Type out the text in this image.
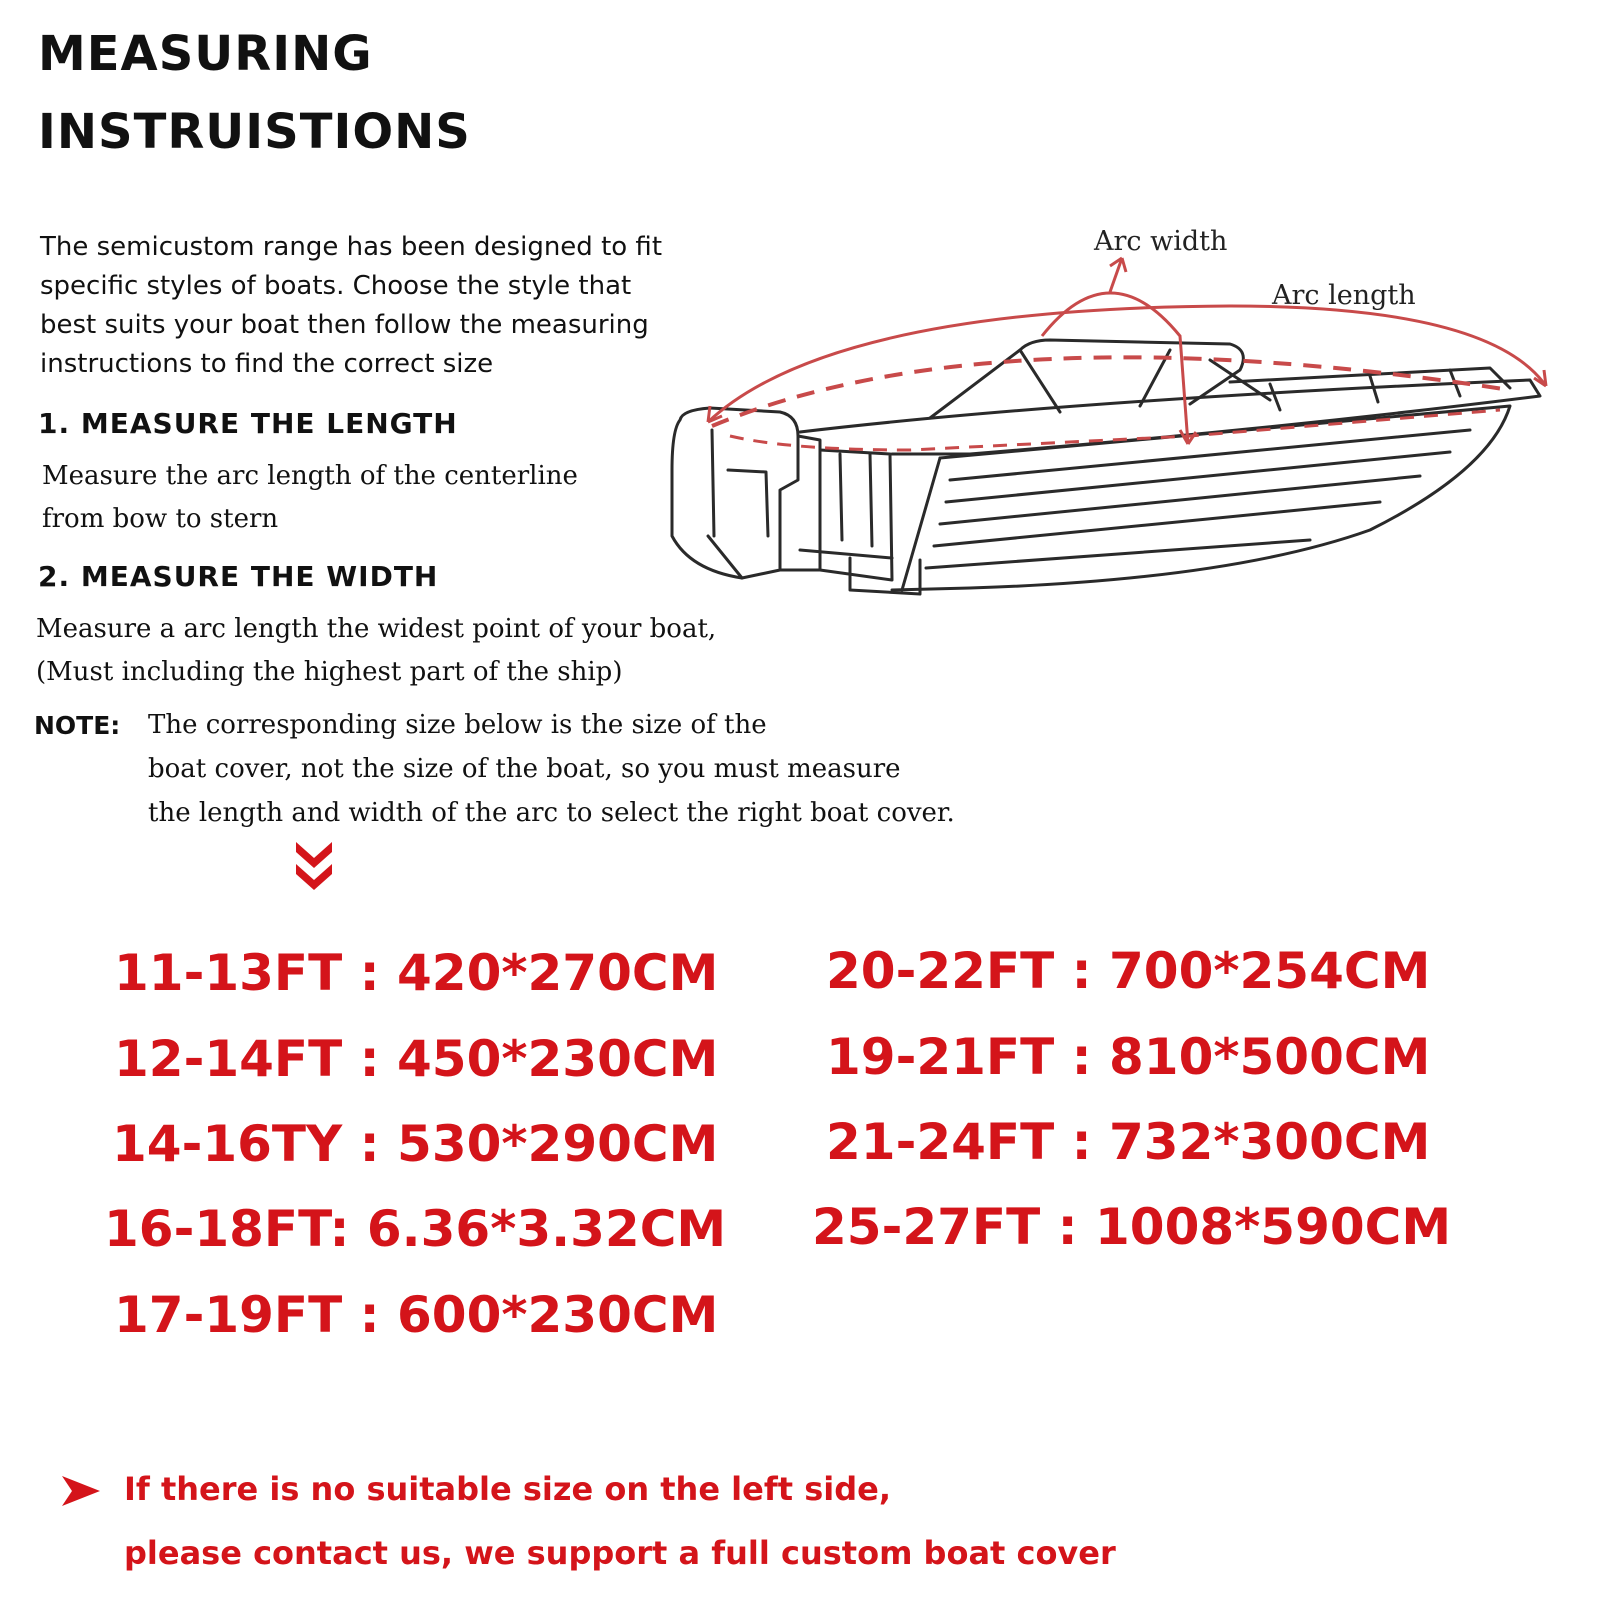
MEASURING
INSTRUISTIONS
The semicustom range has been designed to fit
specific styles of boats. Choose the style that
best suits your boat then follow the measuring
instructions to find the correct size
1. MEASURE THE LENGTH
Measure the arc length of the centerline
from bow to stern
2. MEASURE THE WIDTH
Measure a arc length the widest point of your boat,
(Must including the highest part of the ship)
NOTE: The corresponding size below is the size of the
boat cover, not the size of the boat, so you must measure
the length and width of the arc to select the right boat cover.
Arc width
Arc length
11-13FT : 420*270CM
12-14FT : 450*230CM
14-16TY : 530*290CM
16-18FT: 6.36*3.32CM
17-19FT : 600*230CM
20-22FT : 700*254CM
19-21FT : 810*500CM
21-24FT : 732*300CM
25-27FT : 1008*590CM
If there is no suitable size on the left side,
please contact us, we support a full custom boat cover
